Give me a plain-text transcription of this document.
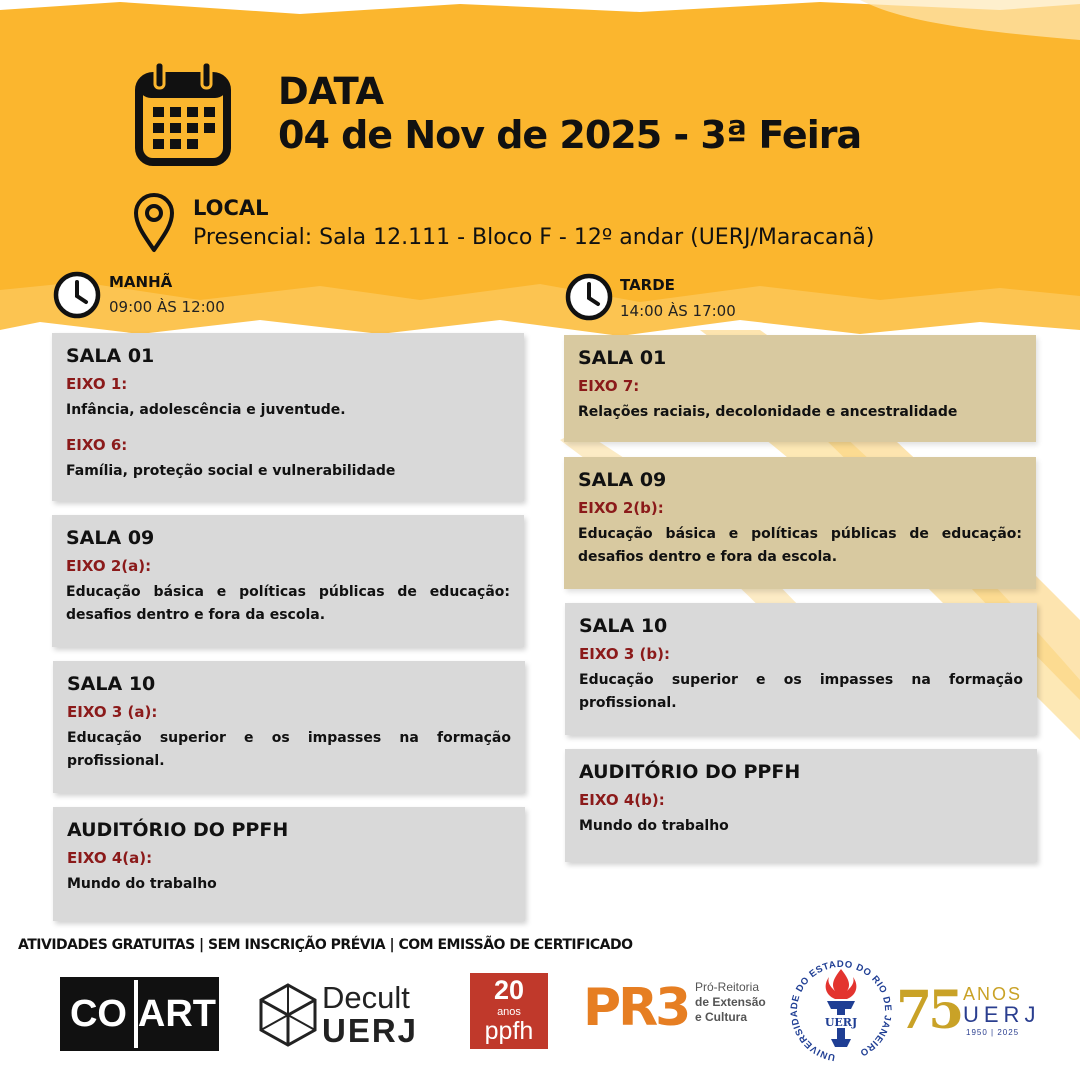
DATA
04 de Nov de 2025 - 3ª Feira
LOCAL
Presencial: Sala 12.111 - Bloco F - 12º andar (UERJ/Maracanã)
MANHÃ
09:00 ÀS 12:00
TARDE
14:00 ÀS 17:00
SALA 01
EIXO 1:
Infância, adolescência e juventude.
EIXO 6:
Família, proteção social e vulnerabilidade
SALA 09
EIXO 2(a):
Educação básica e políticas públicas de educação: desafios dentro e fora da escola.
SALA 10
EIXO 3 (a):
Educação superior e os impasses na formação profissional.
AUDITÓRIO DO PPFH
EIXO 4(a):
Mundo do trabalho
SALA 01
EIXO 7:
Relações raciais, decolonidade e ancestralidade
SALA 09
EIXO 2(b):
Educação básica e políticas públicas de educação: desafios dentro e fora da escola.
SALA 10
EIXO 3 (b):
Educação superior e os impasses na formação profissional.
AUDITÓRIO DO PPFH
EIXO 4(b):
Mundo do trabalho
ATIVIDADES GRATUITAS | SEM INSCRIÇÃO PRÉVIA | COM EMISSÃO DE CERTIFICADO
CO ART	Decult
UERJ
20
anos
ppfh PR3 Pró-Reitoria
de Extensão
e Cultura
UNIVERSIDADE DO ESTADO DO RIO DE JANEIRO
UERJ 75 ANOS
UERJ
1950 | 2025
